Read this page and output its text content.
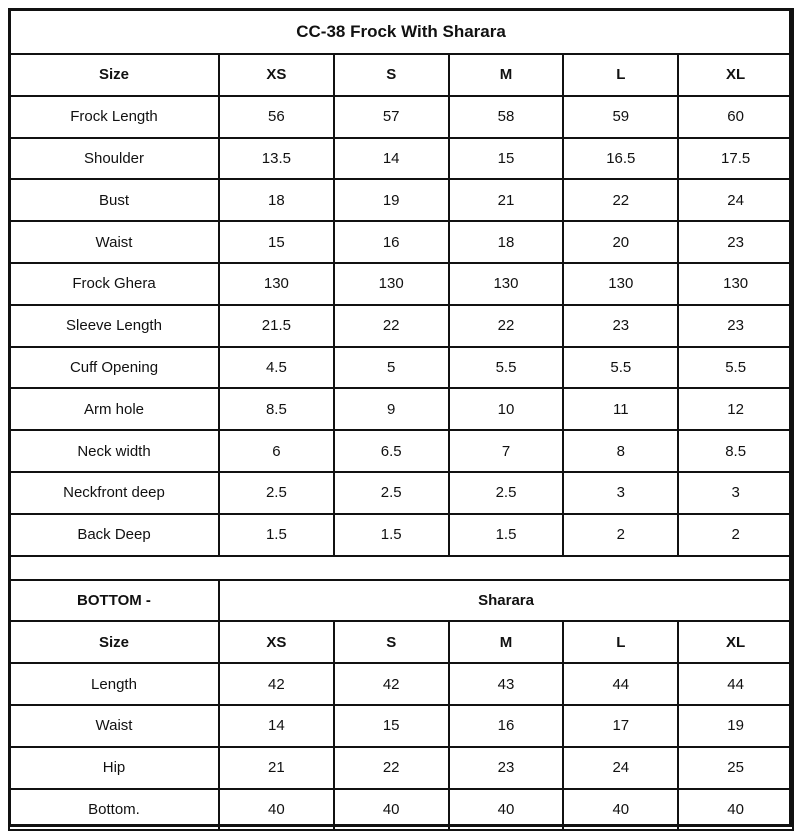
CC-38 Frock With Sharara					
Size	XS	S	M	L	XL
Frock Length	56	57	58	59	60
Shoulder	13.5	14	15	16.5	17.5
Bust	18	19	21	22	24
Waist	15	16	18	20	23
Frock Ghera	130	130	130	130	130
Sleeve Length	21.5	22	22	23	23
Cuff Opening	4.5	5	5.5	5.5	5.5
Arm hole	8.5	9	10	11	12
Neck width	6	6.5	7	8	8.5
Neckfront deep	2.5	2.5	2.5	3	3
Back Deep	1.5	1.5	1.5	2	2

BOTTOM -	Sharara				
Size	XS	S	M	L	XL
Length	42	42	43	44	44
Waist	14	15	16	17	19
Hip	21	22	23	24	25
Bottom.	40	40	40	40	40
